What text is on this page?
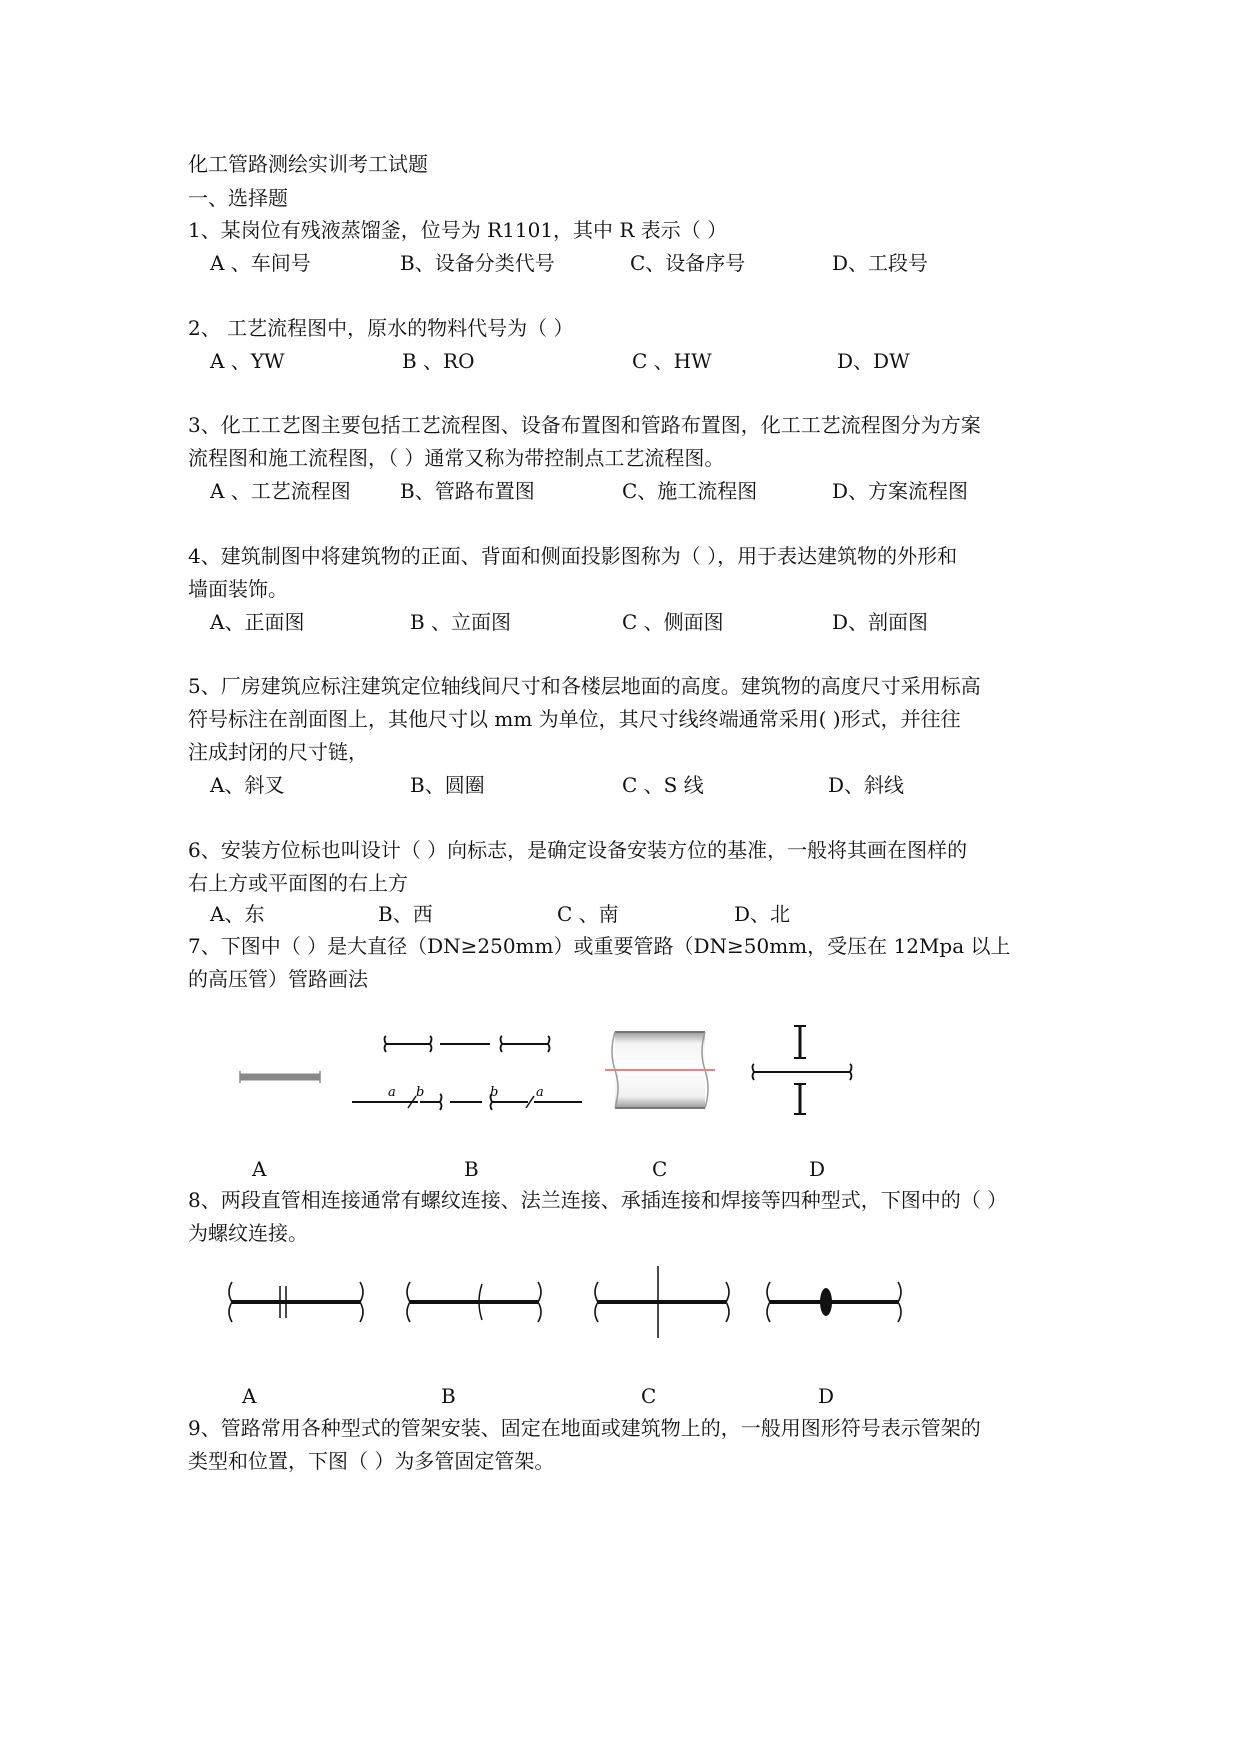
化工管路测绘实训考工试题
一、选择题
1、某岗位有残液蒸馏釜，位号为 R1101，其中 R 表示（ ）
A 、车间号	B、设备分类代号	C、设备序号	D、工段号
2、 工艺流程图中，原水的物料代号为（ ）
A 、YW	B 、RO	C 、HW	D、DW
3、化工工艺图主要包括工艺流程图、设备布置图和管路布置图，化工工艺流程图分为方案
流程图和施工流程图，（ ）通常又称为带控制点工艺流程图。
A 、工艺流程图 B、管路布置图	C、施工流程图	D、方案流程图
4、建筑制图中将建筑物的正面、背面和侧面投影图称为（ ），用于表达建筑物的外形和
墙面装饰。
A、正面图	B 、立面图	C 、侧面图	D、剖面图
5、厂房建筑应标注建筑定位轴线间尺寸和各楼层地面的高度。建筑物的高度尺寸采用标高
符号标注在剖面图上，其他尺寸以 mm 为单位，其尺寸线终端通常采用( )形式，并往往
注成封闭的尺寸链，
A、斜叉	B、圆圈	C 、S 线	D、斜线
6、安装方位标也叫设计（ ）向标志，是确定设备安装方位的基准，一般将其画在图样的
右上方或平面图的右上方
A、东	B、西	C 、南	D、北
7、下图中（ ）是大直径（DN≥250mm）或重要管路（DN≥50mm，受压在 12Mpa 以上
的高压管）管路画法
a b	b	a
A	B	C	D
8、两段直管相连接通常有螺纹连接、法兰连接、承插连接和焊接等四种型式，下图中的（ ）
为螺纹连接。
A	B	C	D
9、管路常用各种型式的管架安装、固定在地面或建筑物上的，一般用图形符号表示管架的
类型和位置，下图（ ）为多管固定管架。
